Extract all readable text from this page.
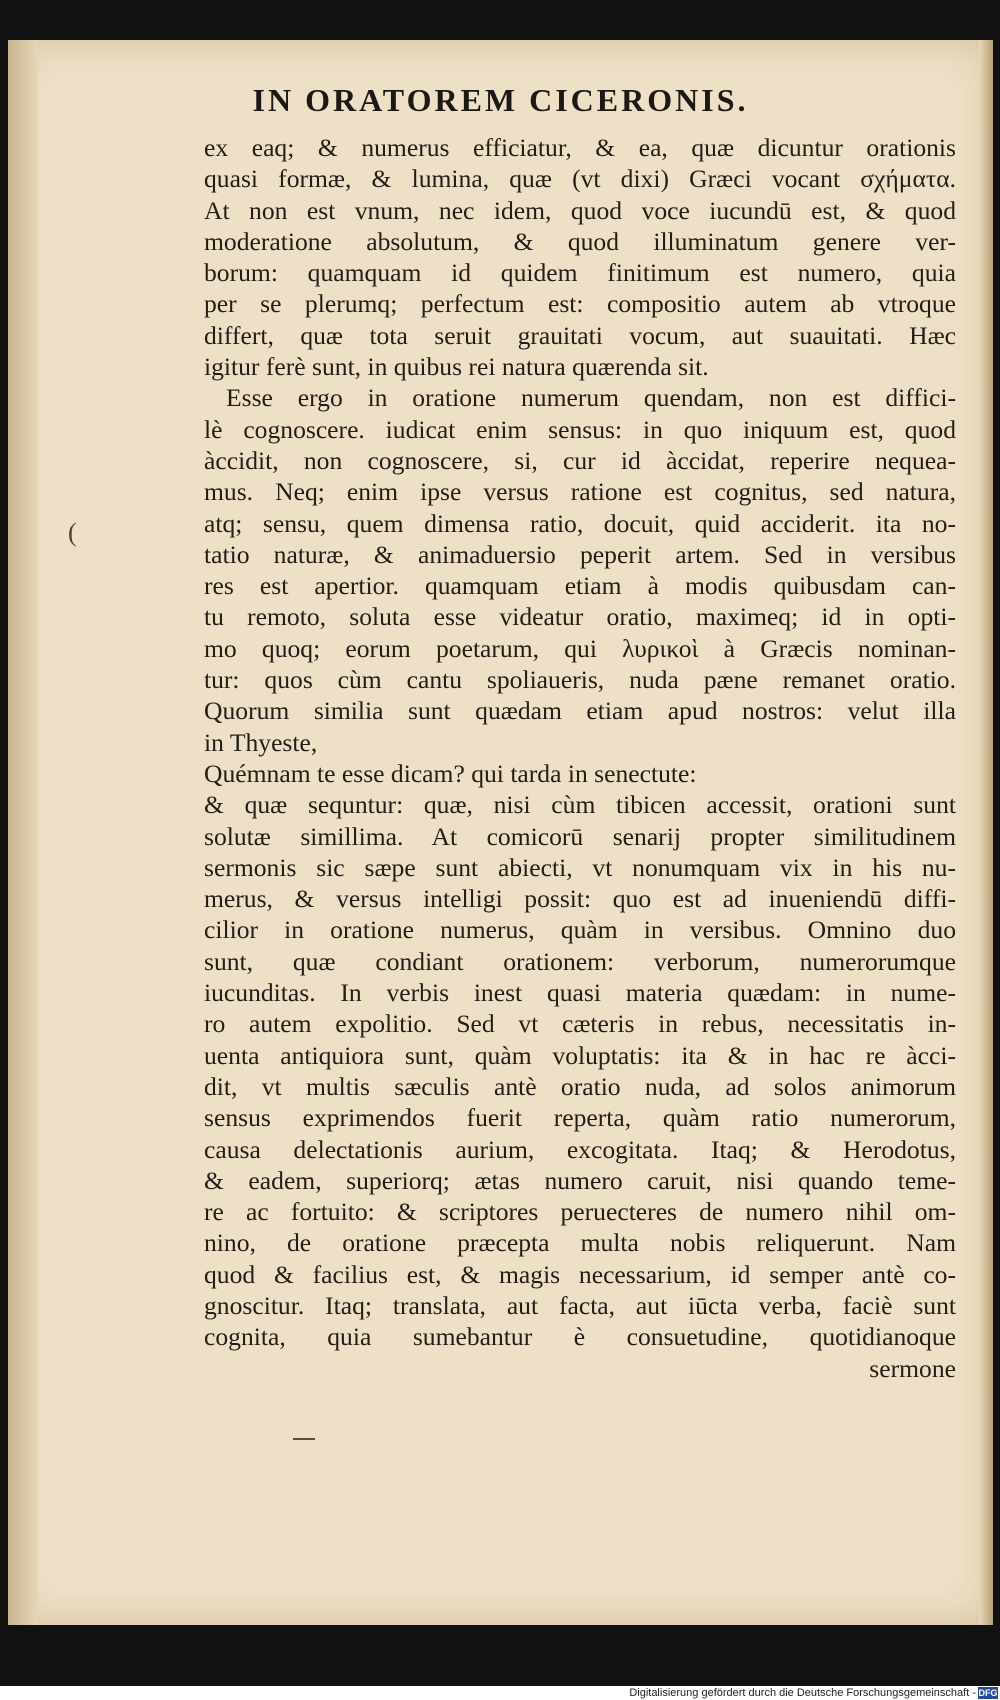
IN ORATOREM CICERONIS.
(
ex eaq; & numerus efficiatur, & ea, quæ dicuntur orationis
quasi formæ, & lumina, quæ (vt dixi) Græci vocant σχήματα.
At non est vnum, nec idem, quod voce iucundū est, & quod
moderatione absolutum, & quod illuminatum genere ver-
borum: quamquam id quidem finitimum est numero, quia
per se plerumq; perfectum est: compositio autem ab vtroque
differt, quæ tota seruit grauitati vocum, aut suauitati. Hæc
igitur ferè sunt, in quibus rei natura quærenda sit.
Esse ergo in oratione numerum quendam, non est diffici-
lè cognoscere. iudicat enim sensus: in quo iniquum est, quod
àccidit, non cognoscere, si, cur id àccidat, reperire nequea-
mus. Neq; enim ipse versus ratione est cognitus, sed natura,
atq; sensu, quem dimensa ratio, docuit, quid acciderit. ita no-
tatio naturæ, & animaduersio peperit artem. Sed in versibus
res est apertior. quamquam etiam à modis quibusdam can-
tu remoto, soluta esse videatur oratio, maximeq; id in opti-
mo quoq; eorum poetarum, qui λυρικοὶ à Græcis nominan-
tur: quos cùm cantu spoliaueris, nuda pæne remanet oratio.
Quorum similia sunt quædam etiam apud nostros: velut illa
in Thyeste,
Quémnam te esse dicam? qui tarda in senectute:
& quæ sequntur: quæ, nisi cùm tibicen accessit, orationi sunt
solutæ simillima. At comicorū senarij propter similitudinem
sermonis sic sæpe sunt abiecti, vt nonumquam vix in his nu-
merus, & versus intelligi possit: quo est ad inueniendū diffi-
cilior in oratione numerus, quàm in versibus. Omnino duo
sunt, quæ condiant orationem: verborum, numerorumque
iucunditas. In verbis inest quasi materia quædam: in nume-
ro autem expolitio. Sed vt cæteris in rebus, necessitatis in-
uenta antiquiora sunt, quàm voluptatis: ita & in hac re àcci-
dit, vt multis sæculis antè oratio nuda, ad solos animorum
sensus exprimendos fuerit reperta, quàm ratio numerorum,
causa delectationis aurium, excogitata. Itaq; & Herodotus,
& eadem, superiorq; ætas numero caruit, nisi quando teme-
re ac fortuito: & scriptores peruecteres de numero nihil om-
nino, de oratione præcepta multa nobis reliquerunt. Nam
quod & facilius est, & magis necessarium, id semper antè co-
gnoscitur. Itaq; translata, aut facta, aut iūcta verba, faciè sunt
cognita, quia sumebantur è consuetudine, quotidianoque
sermone
Digitalisierung gefördert durch die Deutsche Forschungsgemeinschaft - DFG
